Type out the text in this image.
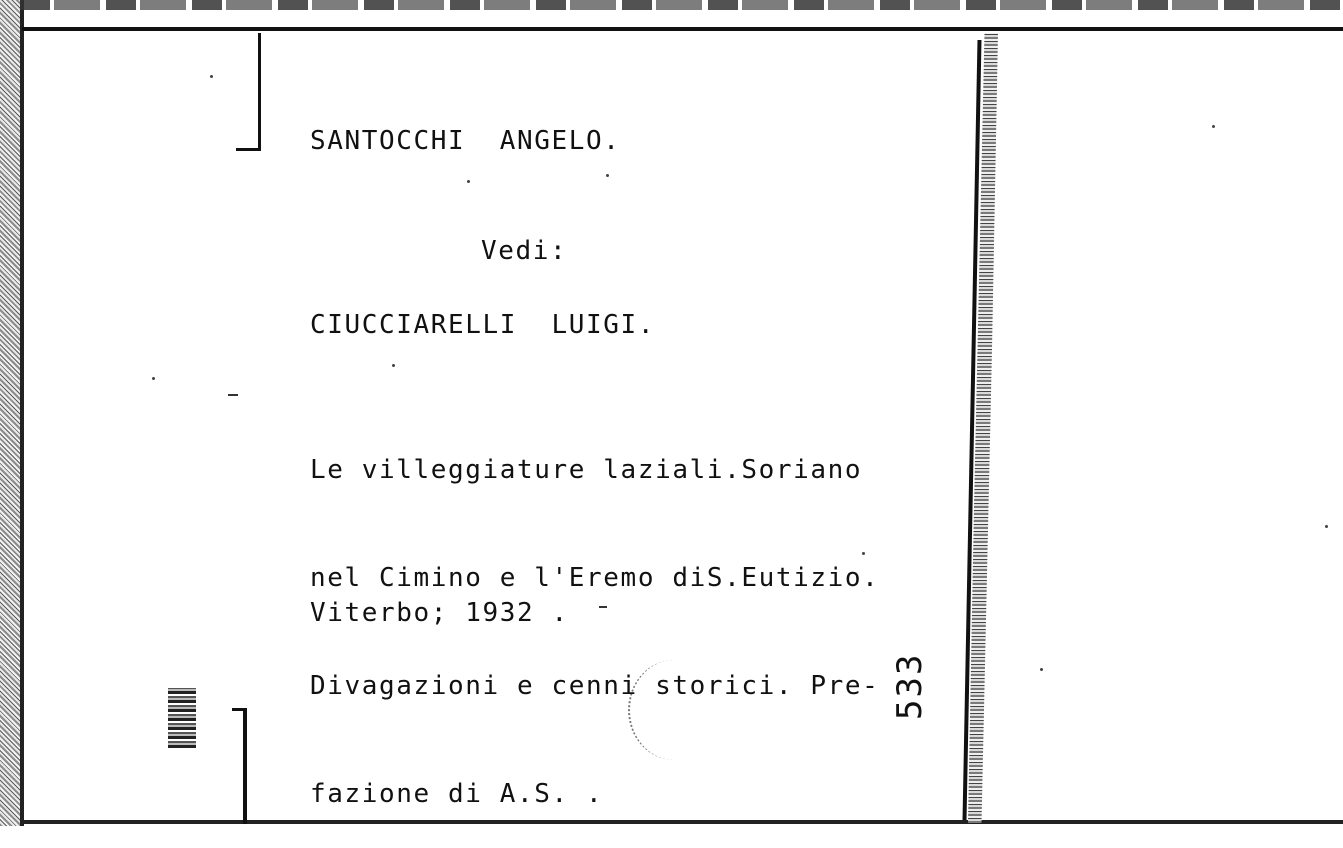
SANTOCCHI  ANGELO.
Vedi:
CIUCCIARELLI  LUIGI.

Le villeggiature laziali.Soriano

nel Cimino e l'Eremo diS.Eutizio.

Divagazioni e cenni storici. Pre-

fazione di A.S. .

Viterbo; 1932 .
533
